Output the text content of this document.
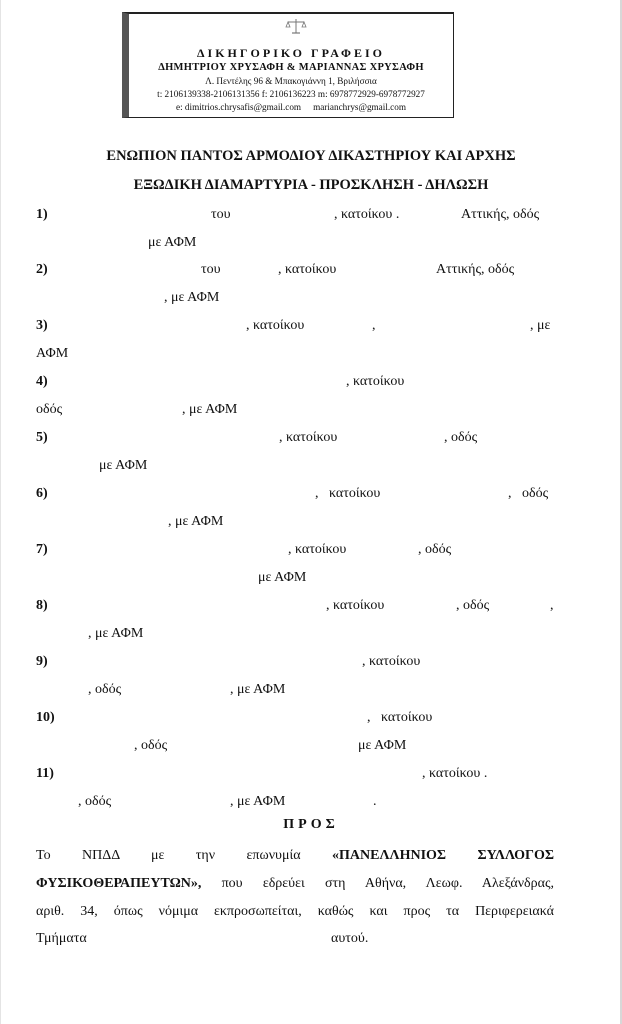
ΔΙΚΗΓΟΡΙΚΟ ΓΡΑΦΕΙΟ
ΔΗΜΗΤΡΙΟΥ ΧΡΥΣΑΦΗ & ΜΑΡΙΑΝΝΑΣ ΧΡΥΣΑΦΗ
Λ. Πεντέλης 96 & Μπακογιάννη 1, Βριλήσσια
t: 2106139338-2106131356 f: 2106136223 m: 6978772929-6978772927
e: dimitrios.chrysafis@gmail.com marianchrys@gmail.com
ΕΝΩΠΙΟΝ ΠΑΝΤΟΣ ΑΡΜΟΔΙΟΥ ΔΙΚΑΣΤΗΡΙΟΥ ΚΑΙ ΑΡΧΗΣ
ΕΞΩΔΙΚΗ ΔΙΑΜΑΡΤΥΡΙΑ - ΠΡΟΣΚΛΗΣΗ - ΔΗΛΩΣΗ
1)	του	, κατοίκου .	Αττικής, οδός
με ΑΦΜ
2)	του	, κατοίκου	Αττικής, οδός
, με ΑΦΜ
3)	, κατοίκου	,	, με
ΑΦΜ
4)	, κατοίκου
οδός	, με ΑΦΜ
5)	, κατοίκου	, οδός
με ΑΦΜ
6)	,   κατοίκου	,   οδός
, με ΑΦΜ
7)	, κατοίκου	, οδός
με ΑΦΜ
8)	, κατοίκου	, οδός	,
, με ΑΦΜ
9)	, κατοίκου
, οδός	, με ΑΦΜ
10)	,   κατοίκου
, οδός	με ΑΦΜ
11)	, κατοίκου .
, οδός	, με ΑΦΜ	.
ΠΡΟΣ
Το ΝΠΔΔ με την επωνυμία «ΠΑΝΕΛΛΗΝΙΟΣ ΣΥΛΛΟΓΟΣ
ΦΥΣΙΚΟΘΕΡΑΠΕΥΤΩΝ», που εδρεύει στη Αθήνα, Λεωφ. Αλεξάνδρας,
αριθ. 34, όπως νόμιμα εκπροσωπείται, καθώς και προς τα Περιφερειακά
Τμήματα	αυτού.
